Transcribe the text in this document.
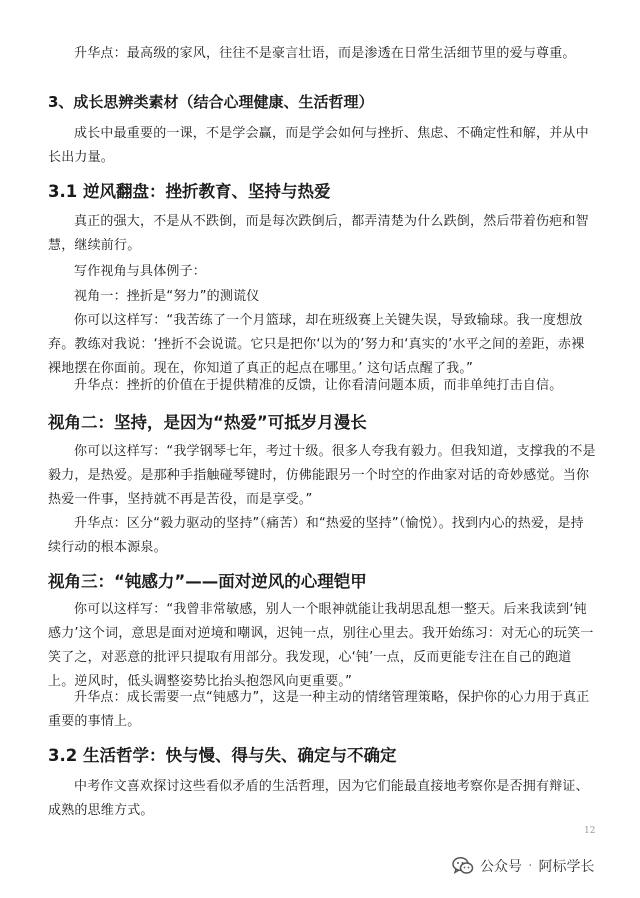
升华点：最高级的家风，往往不是豪言壮语，而是渗透在日常生活细节里的爱与尊重。

3、成长思辨类素材（结合心理健康、生活哲理）

成长中最重要的一课，不是学会赢，而是学会如何与挫折、焦虑、不确定性和解，并从中长出力量。

3.1 逆风翻盘：挫折教育、坚持与热爱

真正的强大，不是从不跌倒，而是每次跌倒后，都弄清楚为什么跌倒，然后带着伤疤和智慧，继续前行。

写作视角与具体例子：

视角一：挫折是“努力”的测谎仪

你可以这样写：“我苦练了一个月篮球，却在班级赛上关键失误，导致输球。我一度想放弃。教练对我说：‘挫折不会说谎。它只是把你‘以为的’努力和‘真实的’水平之间的差距，赤裸裸地摆在你面前。现在，你知道了真正的起点在哪里。’ 这句话点醒了我。”

升华点：挫折的价值在于提供精准的反馈，让你看清问题本质，而非单纯打击自信。

视角二：坚持，是因为“热爱”可抵岁月漫长

你可以这样写：“我学钢琴七年，考过十级。很多人夸我有毅力。但我知道，支撑我的不是毅力，是热爱。是那种手指触碰琴键时，仿佛能跟另一个时空的作曲家对话的奇妙感觉。当你热爱一件事，坚持就不再是苦役，而是享受。”

升华点：区分“毅力驱动的坚持”（痛苦）和“热爱的坚持”（愉悦）。找到内心的热爱，是持续行动的根本源泉。

视角三：“钝感力”——面对逆风的心理铠甲

你可以这样写：“我曾非常敏感，别人一个眼神就能让我胡思乱想一整天。后来我读到‘钝感力’这个词，意思是面对逆境和嘲讽，迟钝一点，别往心里去。我开始练习：对无心的玩笑一笑了之，对恶意的批评只提取有用部分。我发现，心‘钝’一点，反而更能专注在自己的跑道上。逆风时，低头调整姿势比抬头抱怨风向更重要。”

升华点：成长需要一点“钝感力”，这是一种主动的情绪管理策略，保护你的心力用于真正重要的事情上。

3.2 生活哲学：快与慢、得与失、确定与不确定

中考作文喜欢探讨这些看似矛盾的生活哲理，因为它们能最直接地考察你是否拥有辩证、成熟的思维方式。

12
公众号 · 阿标学长
